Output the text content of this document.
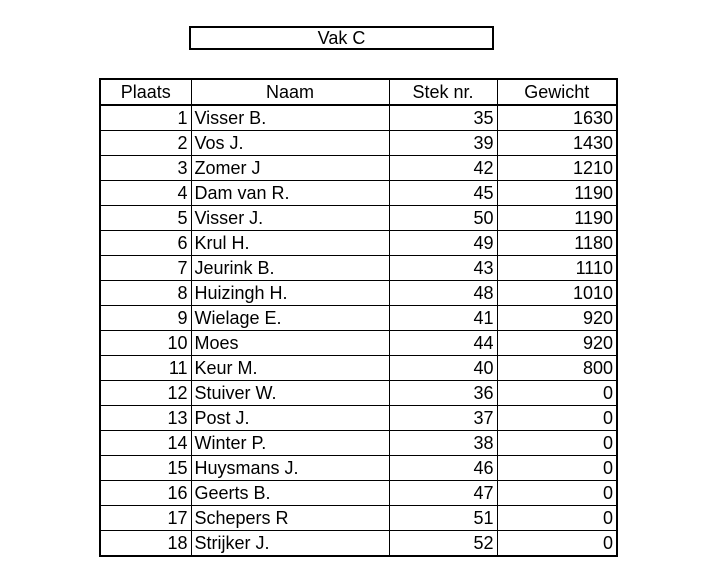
Vak C
Plaats	Naam	Stek nr.	Gewicht
1	Visser B.	35	1630
2	Vos J.	39	1430
3	Zomer J	42	1210
4	Dam van R.	45	1190
5	Visser J.	50	1190
6	Krul H.	49	1180
7	Jeurink B.	43	1110
8	Huizingh H.	48	1010
9	Wielage E.	41	920
10	Moes	44	920
11	Keur M.	40	800
12	Stuiver W.	36	0
13	Post J.	37	0
14	Winter P.	38	0
15	Huysmans J.	46	0
16	Geerts B.	47	0
17	Schepers R	51	0
18	Strijker J.	52	0
